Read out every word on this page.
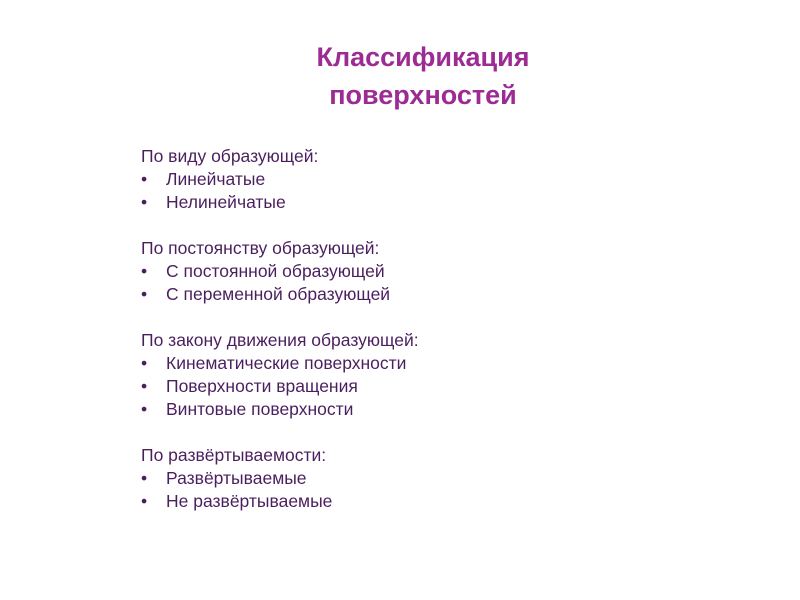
Классификация
поверхностей
По виду образующей:
• Линейчатые
• Нелинейчатые
По постоянству образующей:
• С постоянной образующей
• С переменной образующей
По закону движения образующей:
• Кинематические поверхности
• Поверхности вращения
• Винтовые поверхности
По развёртываемости:
• Развёртываемые
• Не развёртываемые
